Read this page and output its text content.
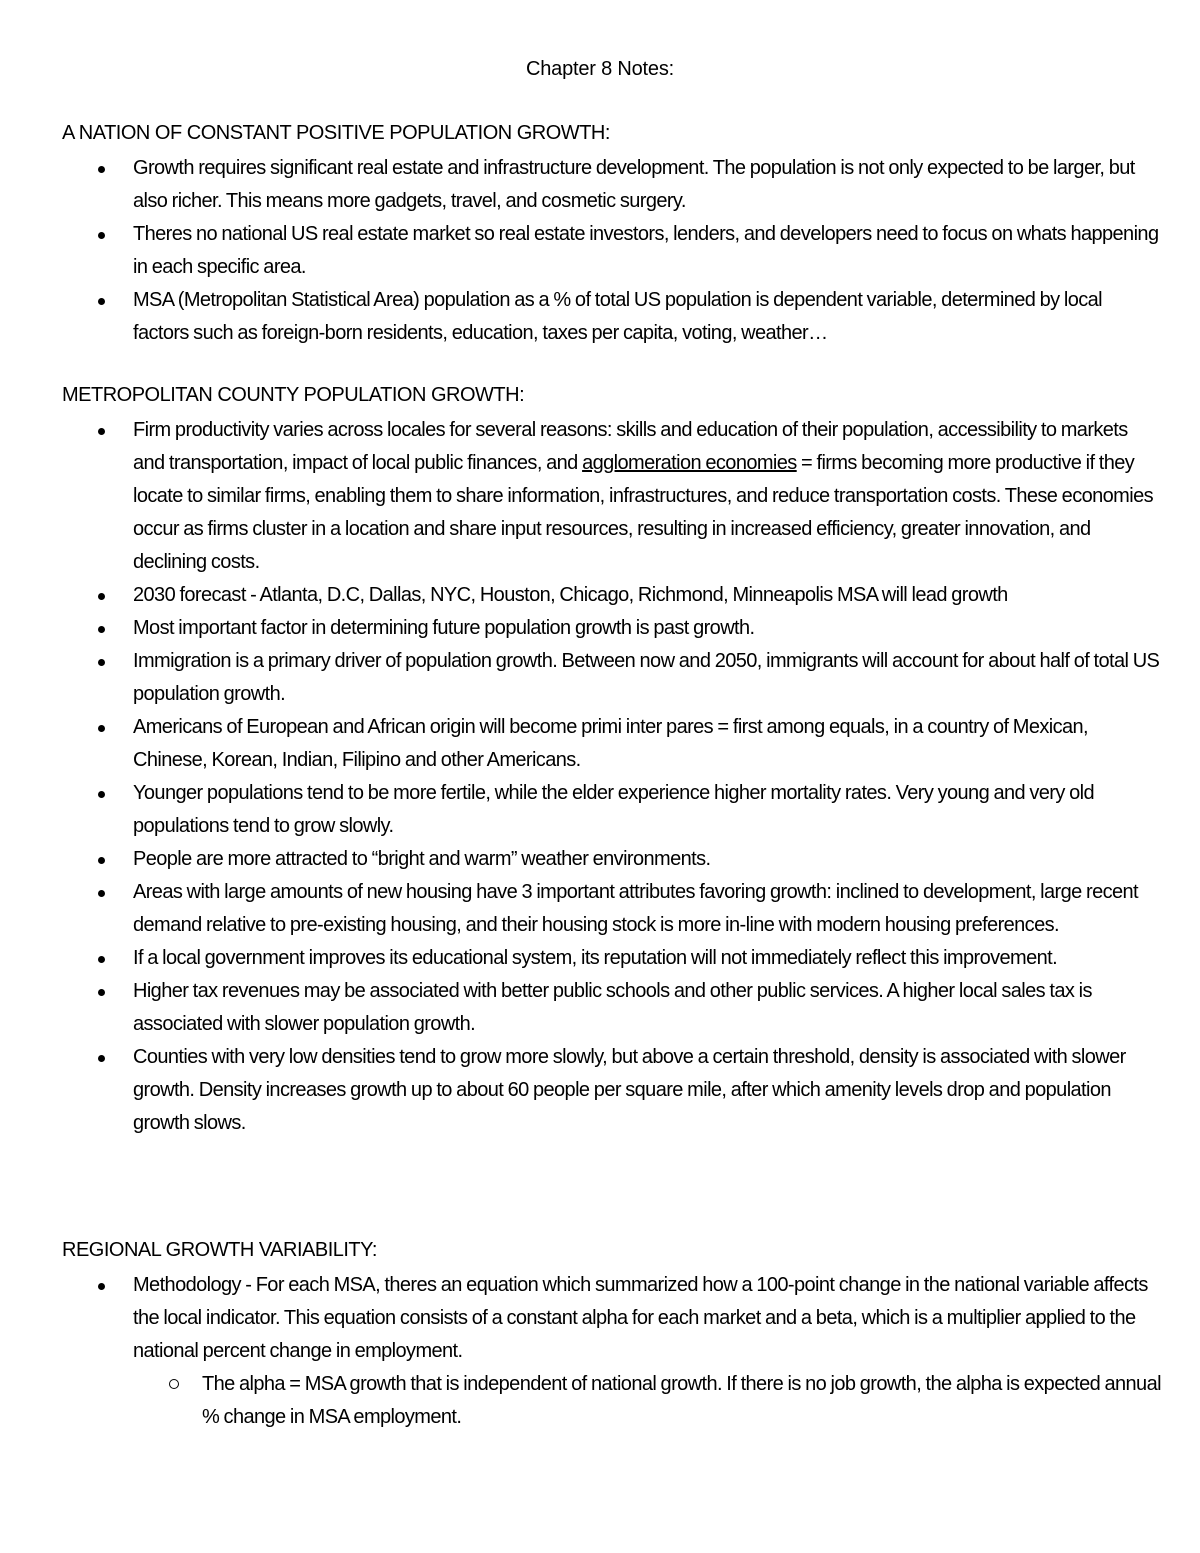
Chapter 8 Notes:
A NATION OF CONSTANT POSITIVE POPULATION GROWTH:
Growth requires significant real estate and infrastructure development. The population is not only expected to be larger, but also richer. This means more gadgets, travel, and cosmetic surgery.
Theres no national US real estate market so real estate investors, lenders, and developers need to focus on whats happening in each specific area.
MSA (Metropolitan Statistical Area) population as a % of total US population is dependent variable, determined by local factors such as foreign-born residents, education, taxes per capita, voting, weather…
METROPOLITAN COUNTY POPULATION GROWTH:
Firm productivity varies across locales for several reasons: skills and education of their population, accessibility to markets and transportation, impact of local public finances, and agglomeration economies = firms becoming more productive if they locate to similar firms, enabling them to share information, infrastructures, and reduce transportation costs. These economies occur as firms cluster in a location and share input resources, resulting in increased efficiency, greater innovation, and declining costs.
2030 forecast - Atlanta, D.C, Dallas, NYC, Houston, Chicago, Richmond, Minneapolis MSA will lead growth
Most important factor in determining future population growth is past growth.
Immigration is a primary driver of population growth. Between now and 2050, immigrants will account for about half of total US population growth.
Americans of European and African origin will become primi inter pares = first among equals, in a country of Mexican, Chinese, Korean, Indian, Filipino and other Americans.
Younger populations tend to be more fertile, while the elder experience higher mortality rates. Very young and very old populations tend to grow slowly.
People are more attracted to “bright and warm” weather environments.
Areas with large amounts of new housing have 3 important attributes favoring growth: inclined to development, large recent demand relative to pre-existing housing, and their housing stock is more in-line with modern housing preferences.
If a local government improves its educational system, its reputation will not immediately reflect this improvement.
Higher tax revenues may be associated with better public schools and other public services. A higher local sales tax is associated with slower population growth.
Counties with very low densities tend to grow more slowly, but above a certain threshold, density is associated with slower growth. Density increases growth up to about 60 people per square mile, after which amenity levels drop and population growth slows.
REGIONAL GROWTH VARIABILITY:
Methodology - For each MSA, theres an equation which summarized how a 100-point change in the national variable affects the local indicator. This equation consists of a constant alpha for each market and a beta, which is a multiplier applied to the national percent change in employment.
The alpha = MSA growth that is independent of national growth. If there is no job growth, the alpha is expected annual % change in MSA employment.
